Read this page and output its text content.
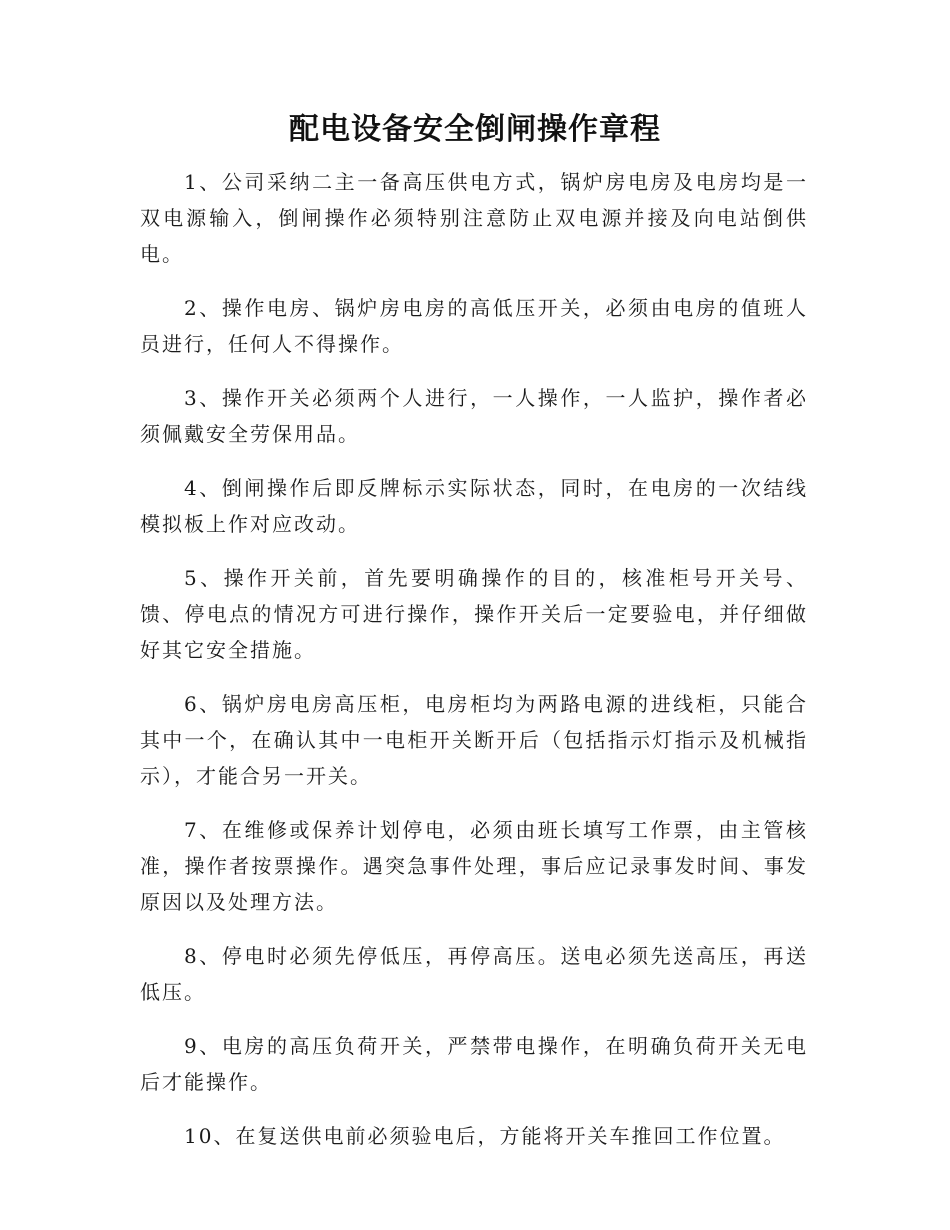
配电设备安全倒闸操作章程

1、公司采纳二主一备高压供电方式，锅炉房电房及电房均是一双电源输入，倒闸操作必须特别注意防止双电源并接及向电站倒供电。

2、操作电房、锅炉房电房的高低压开关，必须由电房的值班人员进行，任何人不得操作。

3、操作开关必须两个人进行，一人操作，一人监护，操作者必须佩戴安全劳保用品。

4、倒闸操作后即反牌标示实际状态，同时，在电房的一次结线模拟板上作对应改动。

5、操作开关前，首先要明确操作的目的，核准柜号开关号、馈、停电点的情况方可进行操作，操作开关后一定要验电，并仔细做好其它安全措施。

6、锅炉房电房高压柜，电房柜均为两路电源的进线柜，只能合其中一个，在确认其中一电柜开关断开后（包括指示灯指示及机械指示），才能合另一开关。

7、在维修或保养计划停电，必须由班长填写工作票，由主管核准，操作者按票操作。遇突急事件处理，事后应记录事发时间、事发原因以及处理方法。

8、停电时必须先停低压，再停高压。送电必须先送高压，再送低压。

9、电房的高压负荷开关，严禁带电操作，在明确负荷开关无电后才能操作。

10、在复送供电前必须验电后，方能将开关车推回工作位置。
